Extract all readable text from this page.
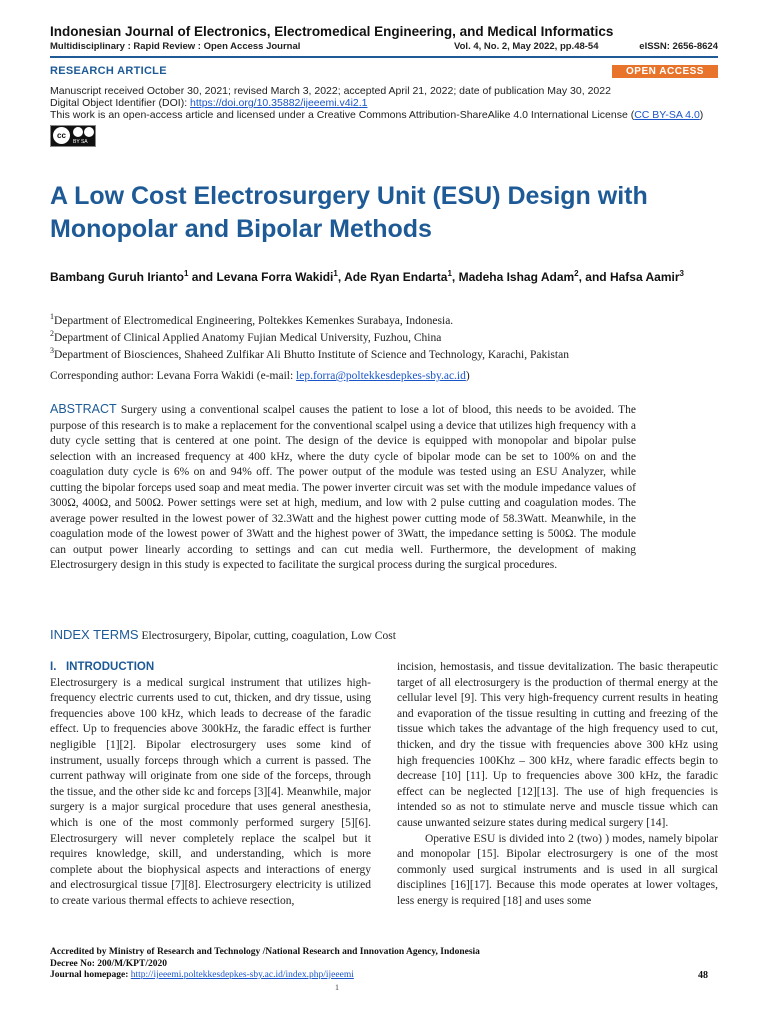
Indonesian Journal of Electronics, Electromedical Engineering, and Medical Informatics
Multidisciplinary : Rapid Review : Open Access Journal	Vol. 4, No. 2, May 2022, pp.48-54	eISSN: 2656-8624
RESEARCH ARTICLE	OPEN ACCESS
Manuscript received October 30, 2021; revised March 3, 2022; accepted April 21, 2022; date of publication May 30, 2022
Digital Object Identifier (DOI): https://doi.org/10.35882/ijeeemi.v4i2.1
This work is an open-access article and licensed under a Creative Commons Attribution-ShareAlike 4.0 International License (CC BY-SA 4.0)
cc
BY SA
A Low Cost Electrosurgery Unit (ESU) Design with Monopolar and Bipolar Methods
Bambang Guruh Irianto$^1$ and Levana Forra Wakidi$^1$, Ade Ryan Endarta$^1$, Madeha Ishag Adam$^2$, and Hafsa Aamir$^3$
$^1$Department of Electromedical Engineering, Poltekkes Kemenkes Surabaya, Indonesia.
$^2$Department of Clinical Applied Anatomy Fujian Medical University, Fuzhou, China
$^3$Department of Biosciences, Shaheed Zulfikar Ali Bhutto Institute of Science and Technology, Karachi, Pakistan
Corresponding author: Levana Forra Wakidi (e-mail: lep.forra@poltekkesdepkes-sby.ac.id)
ABSTRACT Surgery using a conventional scalpel causes the patient to lose a lot of blood, this needs to be avoided. The purpose of this research is to make a replacement for the conventional scalpel using a device that utilizes high frequency with a duty cycle setting that is centered at one point. The design of the device is equipped with monopolar and bipolar pulse selection with an increased frequency at 400 kHz, where the duty cycle of bipolar mode can be set to 100% on and the coagulation duty cycle is 6% on and 94% off. The power output of the module was tested using an ESU Analyzer, while cutting the bipolar forceps used soap and meat media. The power inverter circuit was set with the module impedance values of 300Ω, 400Ω, and 500Ω. Power settings were set at high, medium, and low with 2 pulse cutting and coagulation modes. The average power resulted in the lowest power of 32.3Watt and the highest power cutting mode of 58.3Watt. Meanwhile, in the coagulation mode of the lowest power of 3Watt and the highest power of 3Watt, the impedance setting is 500Ω. The module can output power linearly according to settings and can cut media well. Furthermore, the development of making Electrosurgery design in this study is expected to facilitate the surgical process during the surgical procedures.
INDEX TERMS Electrosurgery, Bipolar, cutting, coagulation, Low Cost
I.   INTRODUCTION
Electrosurgery is a medical surgical instrument that utilizes high-frequency electric currents used to cut, thicken, and dry tissue, using frequencies above 100 kHz, which leads to decrease of the faradic effect. Up to frequencies above 300kHz, the faradic effect is further negligible [1][2]. Bipolar electrosurgery uses some kind of instrument, usually forceps through which a current is passed. The current pathway will originate from one side of the forceps, through the tissue, and the other side kc and forceps [3][4]. Meanwhile, major surgery is a major surgical procedure that uses general anesthesia, which is one of the most commonly performed surgery [5][6]. Electrosurgery will never completely replace the scalpel but it requires knowledge, skill, and understanding, which is more complete about the biophysical aspects and interactions of energy and electrosurgical tissue [7][8]. Electrosurgery electricity is utilized to create various thermal effects to achieve resection,
incision, hemostasis, and tissue devitalization. The basic therapeutic target of all electrosurgery is the production of thermal energy at the cellular level [9]. This very high-frequency current results in heating and evaporation of the tissue resulting in cutting and freezing of the tissue which takes the advantage of the high frequency used to cut, thicken, and dry the tissue with frequencies above 300 kHz using high frequencies 100Khz – 300 kHz, where faradic effects begin to decrease [10] [11]. Up to frequencies above 300 kHz, the faradic effect can be neglected [12][13]. The use of high frequencies is intended so as not to stimulate nerve and muscle tissue which can cause unwanted seizure states during medical surgery [14].
Operative ESU is divided into 2 (two) ) modes, namely bipolar and monopolar [15]. Bipolar electrosurgery is one of the most commonly used surgical instruments and is used in all surgical disciplines [16][17]. Because this mode operates at lower voltages, less energy is required [18] and uses some
Accredited by Ministry of Research and Technology /National Research and Innovation Agency, Indonesia
Decree No: 200/M/KPT/2020
Journal homepage: http://ijeeemi.poltekkesdepkes-sby.ac.id/index.php/ijeeemi	48
1
